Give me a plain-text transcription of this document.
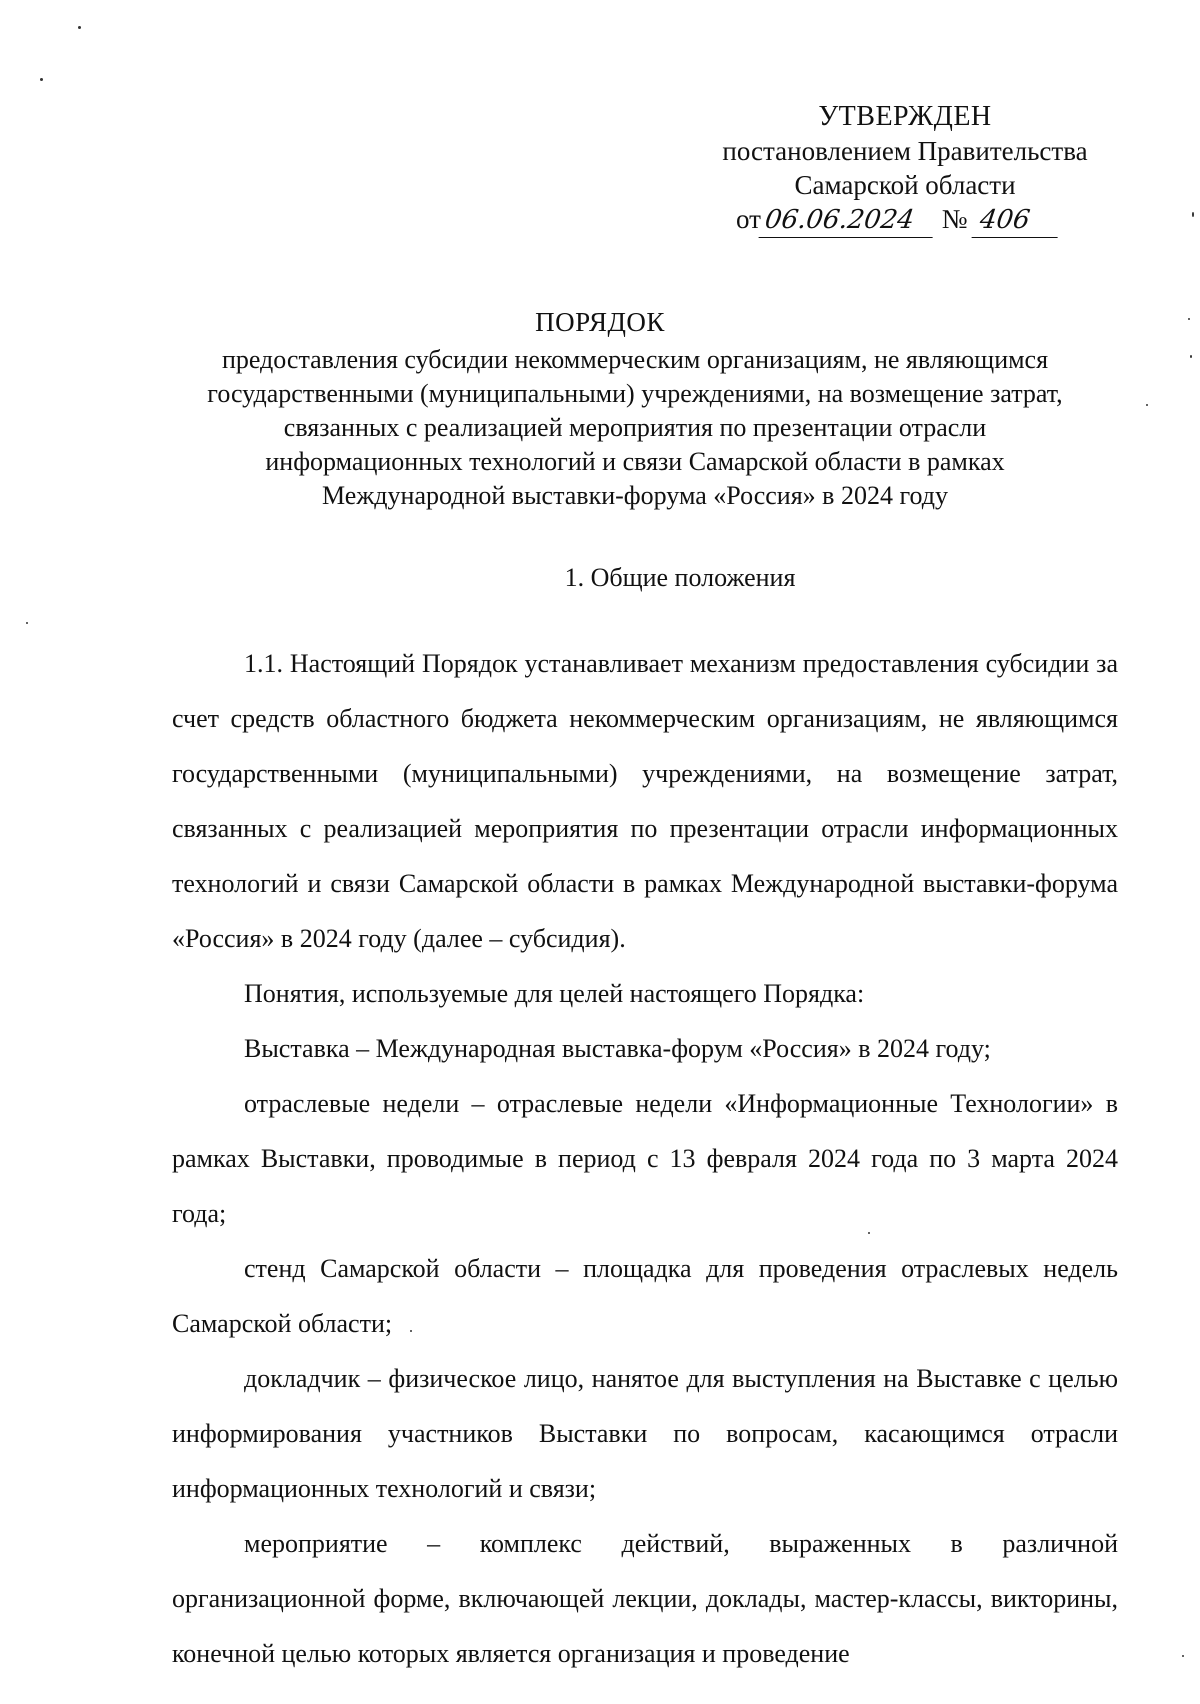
УТВЕРЖДЕН
постановлением Правительства
Самарской области
от06.06.2024 № 406
ПОРЯДОК
предоставления субсидии некоммерческим организациям, не являющимся
государственными (муниципальными) учреждениями, на возмещение затрат,
связанных с реализацией мероприятия по презентации отрасли
информационных технологий и связи Самарской области в рамках
Международной выставки-форума «Россия» в 2024 году
1. Общие положения

1.1. Настоящий Порядок устанавливает механизм предоставления субсидии за счет средств областного бюджета некоммерческим организациям, не являющимся государственными (муниципальными) учреждениями, на возмещение затрат, связанных с реализацией мероприятия по презентации отрасли информационных технологий и связи Самарской области в рамках Международной выставки-форума «Россия» в 2024 году (далее – субсидия).

Понятия, используемые для целей настоящего Порядка:

Выставка – Международная выставка-форум «Россия» в 2024 году;

отраслевые недели – отраслевые недели «Информационные Технологии» в рамках Выставки, проводимые в период с 13 февраля 2024 года по 3 марта 2024 года;

стенд Самарской области – площадка для проведения отраслевых недель Самарской области;

докладчик – физическое лицо, нанятое для выступления на Выставке с целью информирования участников Выставки по вопросам, касающимся отрасли информационных технологий и связи;

мероприятие – комплекс действий, выраженных в различной организационной форме, включающей лекции, доклады, мастер-классы, викторины, конечной целью которых является организация и проведение
